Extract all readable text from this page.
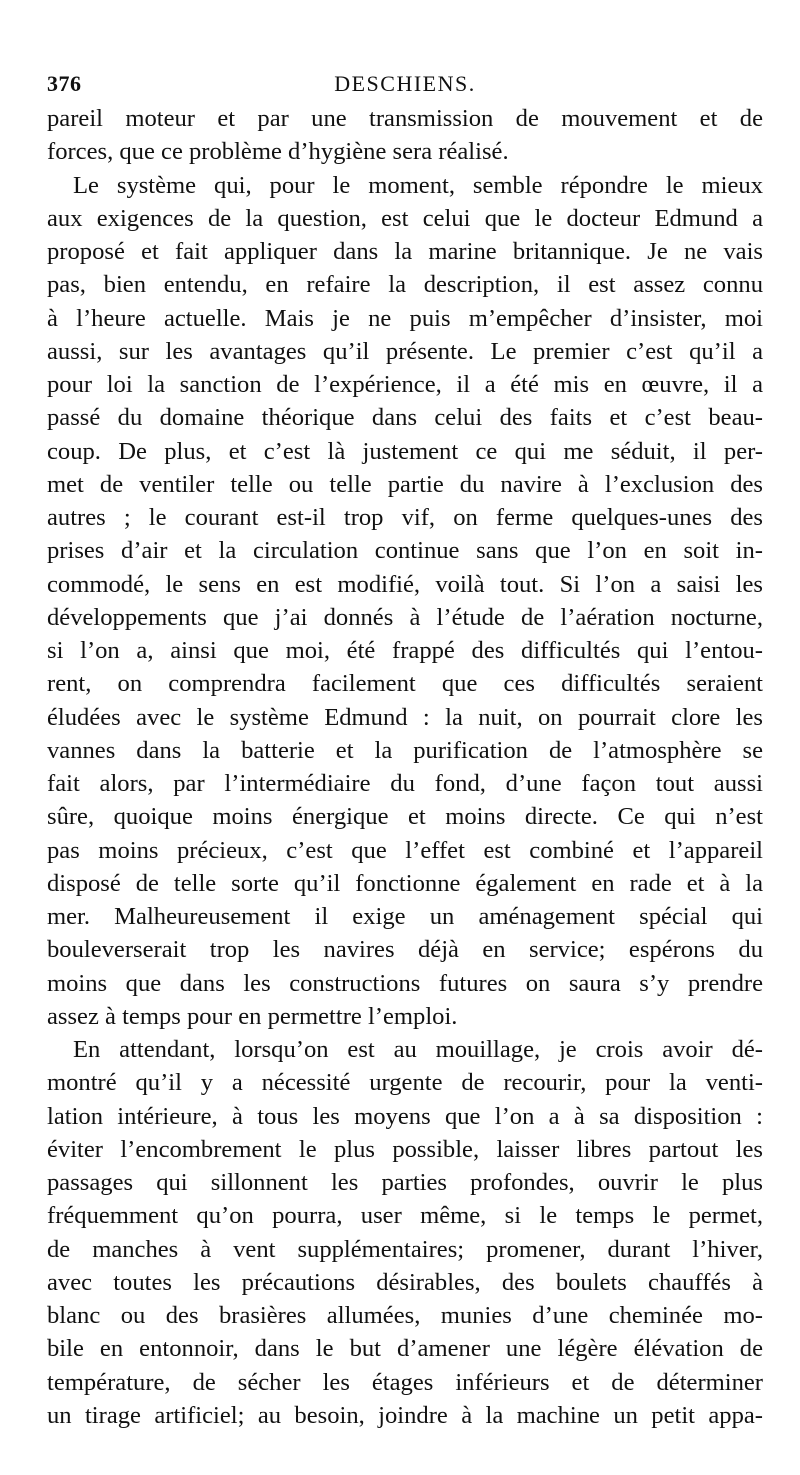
376	DESCHIENS.
pareil moteur et par une transmission de mouvement et de
forces, que ce problème d’hygiène sera réalisé.
Le système qui, pour le moment, semble répondre le mieux
aux exigences de la question, est celui que le docteur Edmund a
proposé et fait appliquer dans la marine britannique. Je ne vais
pas, bien entendu, en refaire la description, il est assez connu
à l’heure actuelle. Mais je ne puis m’empêcher d’insister, moi
aussi, sur les avantages qu’il présente. Le premier c’est qu’il a
pour loi la sanction de l’expérience, il a été mis en œuvre, il a
passé du domaine théorique dans celui des faits et c’est beau-
coup. De plus, et c’est là justement ce qui me séduit, il per-
met de ventiler telle ou telle partie du navire à l’exclusion des
autres ; le courant est-il trop vif, on ferme quelques-unes des
prises d’air et la circulation continue sans que l’on en soit in-
commodé, le sens en est modifié, voilà tout. Si l’on a saisi les
développements que j’ai donnés à l’étude de l’aération nocturne,
si l’on a, ainsi que moi, été frappé des difficultés qui l’entou-
rent, on comprendra facilement que ces difficultés seraient
éludées avec le système Edmund : la nuit, on pourrait clore les
vannes dans la batterie et la purification de l’atmosphère se
fait alors, par l’intermédiaire du fond, d’une façon tout aussi
sûre, quoique moins énergique et moins directe. Ce qui n’est
pas moins précieux, c’est que l’effet est combiné et l’appareil
disposé de telle sorte qu’il fonctionne également en rade et à la
mer. Malheureusement il exige un aménagement spécial qui
bouleverserait trop les navires déjà en service; espérons du
moins que dans les constructions futures on saura s’y prendre
assez à temps pour en permettre l’emploi.
En attendant, lorsqu’on est au mouillage, je crois avoir dé-
montré qu’il y a nécessité urgente de recourir, pour la venti-
lation intérieure, à tous les moyens que l’on a à sa disposition :
éviter l’encombrement le plus possible, laisser libres partout les
passages qui sillonnent les parties profondes, ouvrir le plus
fréquemment qu’on pourra, user même, si le temps le permet,
de manches à vent supplémentaires; promener, durant l’hiver,
avec toutes les précautions désirables, des boulets chauffés à
blanc ou des brasières allumées, munies d’une cheminée mo-
bile en entonnoir, dans le but d’amener une légère élévation de
température, de sécher les étages inférieurs et de déterminer
un tirage artificiel; au besoin, joindre à la machine un petit appa-
